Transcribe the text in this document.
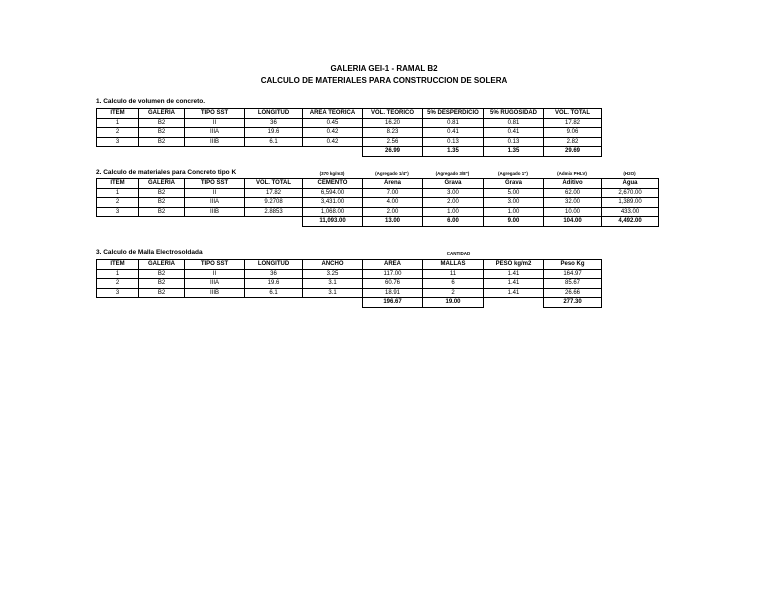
GALERIA GEI-1 - RAMAL B2
CALCULO DE MATERIALES PARA CONSTRUCCION DE SOLERA
1. Calculo de volumen de concreto.
ITEM	GALERIA	TIPO SST	LONGITUD	AREA TEORICA	VOL. TEORICO	5% DESPERDICIO	5% RUGOSIDAD	VOL. TOTAL
1	B2	II	36	0.45	16.20	0.81	0.81	17.82
2	B2	IIIA	19.6	0.42	8.23	0.41	0.41	9.06
3	B2	IIIB	6.1	0.42	2.56	0.13	0.13	2.82
					26.99	1.35	1.35	29.69
2. Calculo de materiales para Concreto tipo K	(370 kg/m3)	(Agregado 1/4")	(Agregado 3/8")	(Agregado 1")	(Admix PHLV)	(H2O)
ITEM	GALERIA	TIPO SST	VOL. TOTAL	CEMENTO	Arena	Grava	Grava	Aditivo	Agua
1	B2	II	17.82	6,594.00	7.00	3.00	5.00	62.00	2,670.00
2	B2	IIIA	9.2708	3,431.00	4.00	2.00	3.00	32.00	1,389.00
3	B2	IIIB	2.8853	1,068.00	2.00	1.00	1.00	10.00	433.00
				11,093.00	13.00	6.00	9.00	104.00	4,492.00
3. Calculo de Malla Electrosoldada	CANTIDAD
ITEM	GALERIA	TIPO SST	LONGITUD	ANCHO	AREA	MALLAS	PESO kg/m2	Peso Kg
1	B2	II	36	3.25	117.00	11	1.41	164.97
2	B2	IIIA	19.6	3.1	60.76	6	1.41	85.67
3	B2	IIIB	6.1	3.1	18.91	2	1.41	26.66
					196.67	19.00		277.30
